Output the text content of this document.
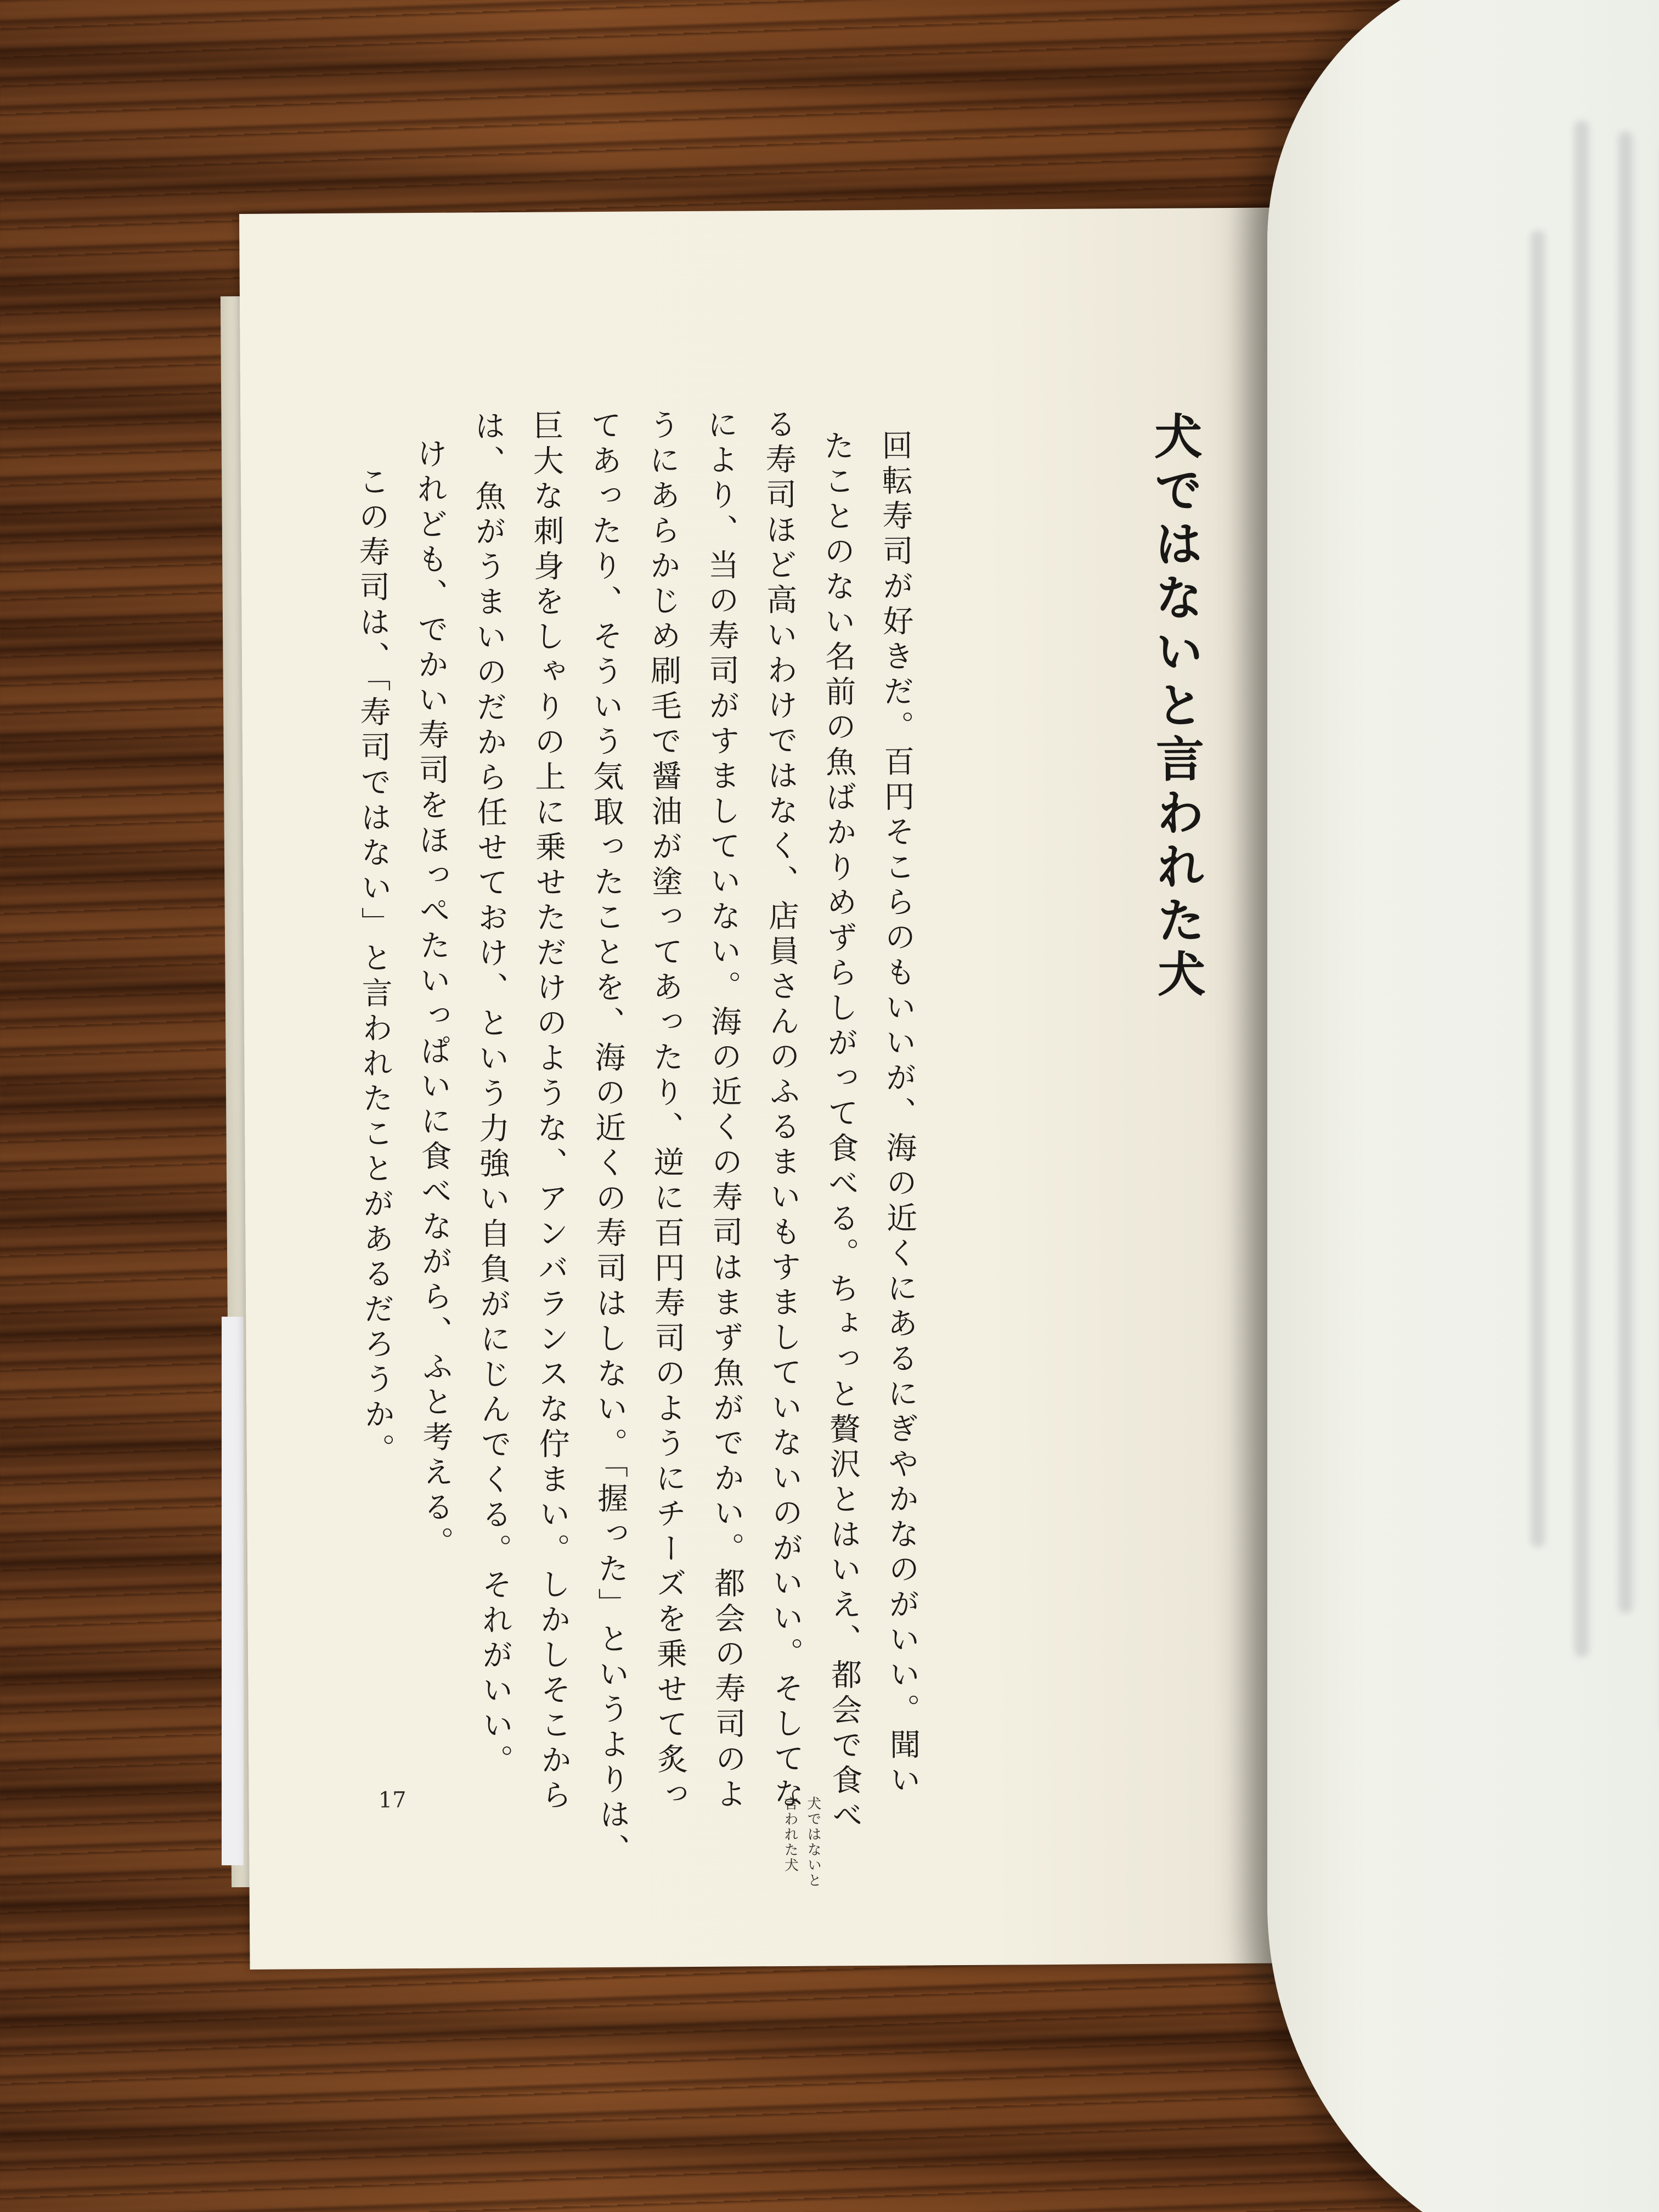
犬ではないと言われた犬

回転寿司が好きだ。百円そこらのもいいが、海の近くにあるにぎやかなのがいい。聞い

たことのない名前の魚ばかりめずらしがって食べる。ちょっと贅沢とはいえ、都会で食べ

る寿司ほど高いわけではなく、店員さんのふるまいもすましていないのがいい。そしてな

により、当の寿司がすましていない。海の近くの寿司はまず魚がでかい。都会の寿司のよ

うにあらかじめ刷毛で醤油が塗ってあったり、逆に百円寿司のようにチーズを乗せて炙っ

てあったり、そういう気取ったことを、海の近くの寿司はしない。「握った」というよりは、

巨大な刺身をしゃりの上に乗せただけのような、アンバランスな佇まい。しかしそこから

は、魚がうまいのだから任せておけ、という力強い自負がにじんでくる。それがいい。

けれども、でかい寿司をほっぺたいっぱいに食べながら、ふと考える。

この寿司は、「寿司ではない」と言われたことがあるだろうか。

犬ではないと

言われた犬

17
